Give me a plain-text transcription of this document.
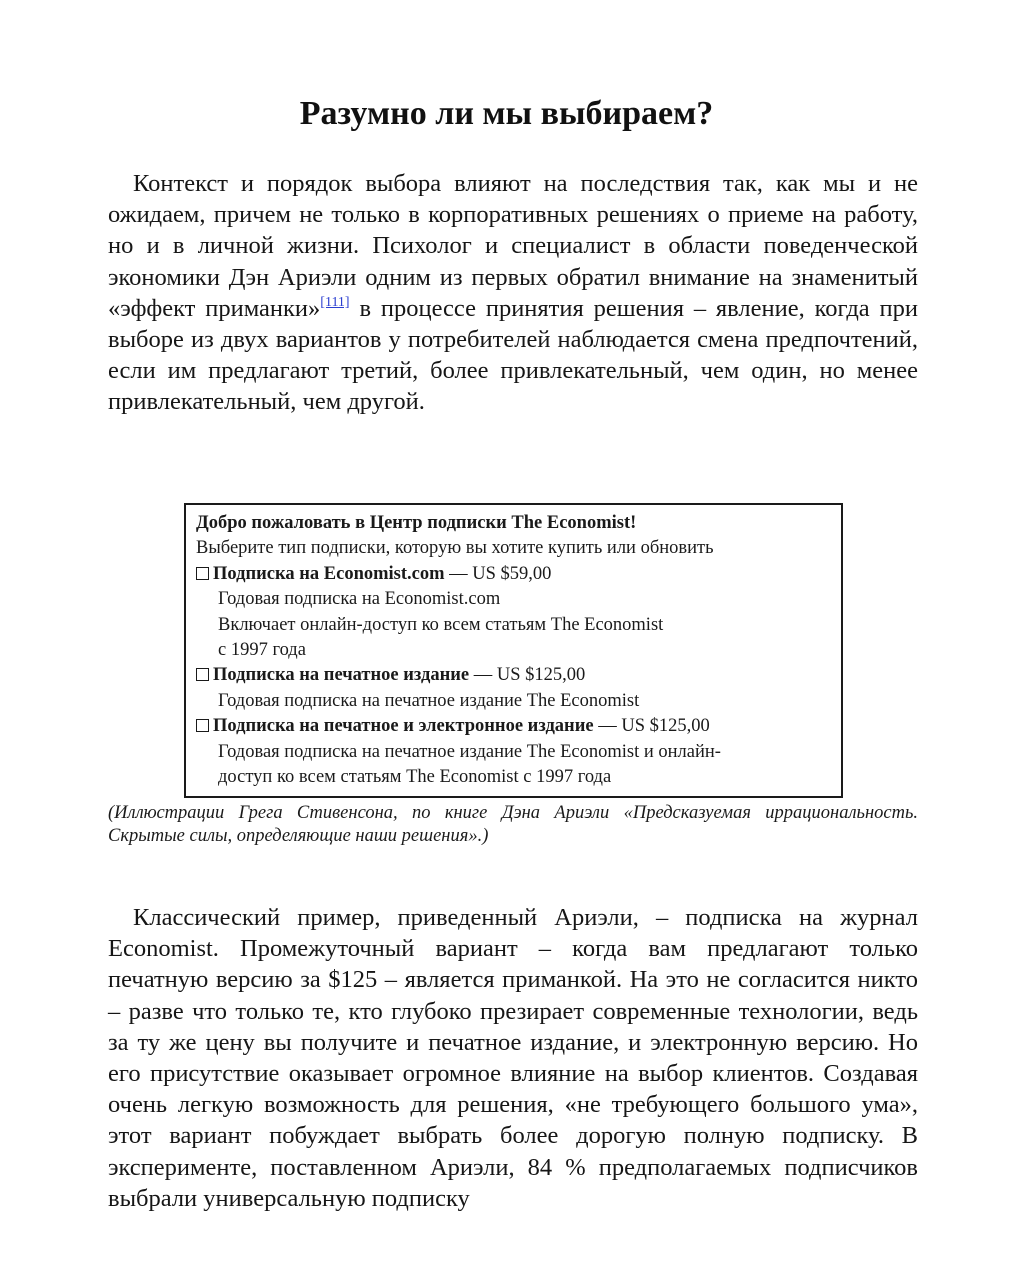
Разумно ли мы выбираем?

Контекст и порядок выбора влияют на последствия так, как мы и не ожидаем, причем не только в корпоративных решениях о приеме на работу, но и в личной жизни. Психолог и специалист в области поведенческой экономики Дэн Ариэли одним из первых обратил внимание на знаменитый «эффект приманки»[111] в процессе принятия решения – явление, когда при выборе из двух вариантов у потребителей наблюдается смена предпочтений, если им предлагают третий, более привлекательный, чем один, но менее привлекательный, чем другой.

Добро пожаловать в Центр подписки The Economist!
Выберите тип подписки, которую вы хотите купить или обновить
Подписка на Economist.com — US $59,00
Годовая подписка на Economist.com
Включает онлайн-доступ ко всем статьям The Economist
с 1997 года
Подписка на печатное издание — US $125,00
Годовая подписка на печатное издание The Economist
Подписка на печатное и электронное издание — US $125,00
Годовая подписка на печатное издание The Economist и онлайн-
доступ ко всем статьям The Economist с 1997 года

(Иллюстрации Грега Стивенсона, по книге Дэна Ариэли «Предсказуемая иррациональность. Скрытые силы, определяющие наши решения».)

Классический пример, приведенный Ариэли, – подписка на журнал Economist. Промежуточный вариант – когда вам предлагают только печатную версию за $125 – является приманкой. На это не согласится никто – разве что только те, кто глубоко презирает современные технологии, ведь за ту же цену вы получите и печатное издание, и электронную версию. Но его присутствие оказывает огромное влияние на выбор клиентов. Создавая очень легкую возможность для решения, «не требующего большого ума», этот вариант побуждает выбрать более дорогую полную подписку. В эксперименте, поставленном Ариэли, 84 % предполагаемых подписчиков выбрали универсальную подписку
